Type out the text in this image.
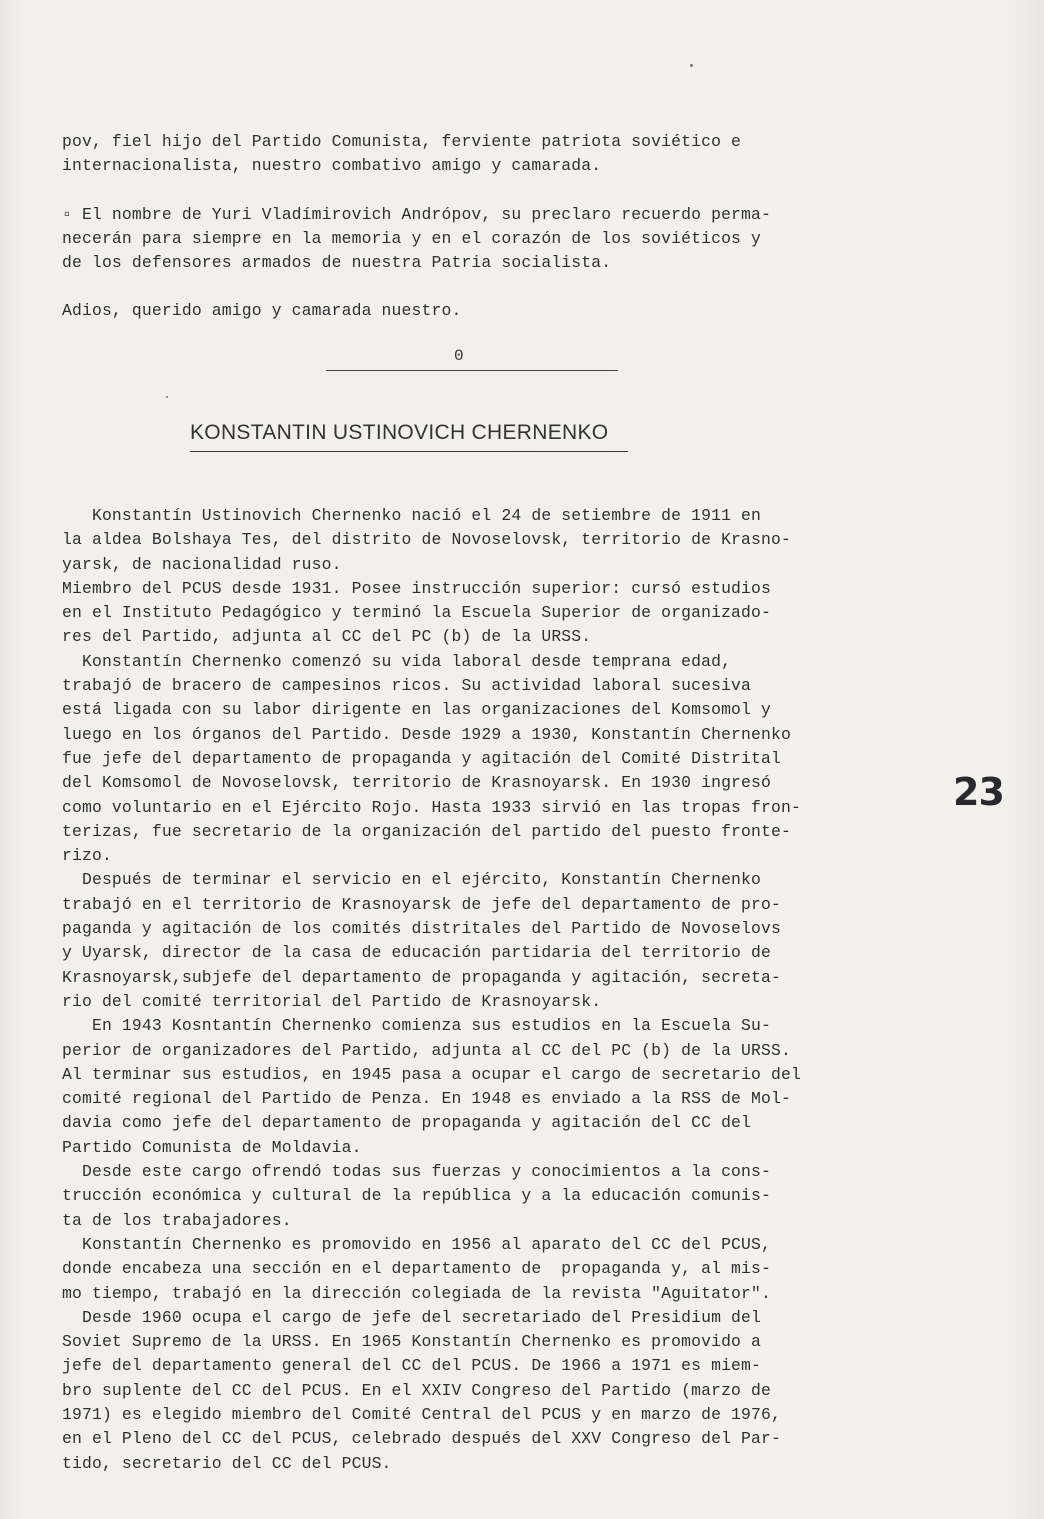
pov, fiel hijo del Partido Comunista, ferviente patriota soviético e
internacionalista, nuestro combativo amigo y camarada.
▫ El nombre de Yuri Vladímirovich Andrópov, su preclaro recuerdo perma-
necerán para siempre en la memoria y en el corazón de los soviéticos y
de los defensores armados de nuestra Patria socialista.
Adios, querido amigo y camarada nuestro.
0
KONSTANTIN USTINOVICH CHERNENKO
Konstantín Ustinovich Chernenko nació el 24 de setiembre de 1911 en
la aldea Bolshaya Tes, del distrito de Novoselovsk, territorio de Krasno-
yarsk, de nacionalidad ruso.
Miembro del PCUS desde 1931. Posee instrucción superior: cursó estudios
en el Instituto Pedagógico y terminó la Escuela Superior de organizado-
res del Partido, adjunta al CC del PC (b) de la URSS.
Konstantín Chernenko comenzó su vida laboral desde temprana edad,
trabajó de bracero de campesinos ricos. Su actividad laboral sucesiva
está ligada con su labor dirigente en las organizaciones del Komsomol y
luego en los órganos del Partido. Desde 1929 a 1930, Konstantín Chernenko
fue jefe del departamento de propaganda y agitación del Comité Distrital
del Komsomol de Novoselovsk, territorio de Krasnoyarsk. En 1930 ingresó
como voluntario en el Ejército Rojo. Hasta 1933 sirvió en las tropas fron-
terizas, fue secretario de la organización del partido del puesto fronte-
rizo.
Después de terminar el servicio en el ejército, Konstantín Chernenko
trabajó en el territorio de Krasnoyarsk de jefe del departamento de pro-
paganda y agitación de los comités distritales del Partido de Novoselovs
y Uyarsk, director de la casa de educación partidaria del territorio de
Krasnoyarsk,subjefe del departamento de propaganda y agitación, secreta-
rio del comité territorial del Partido de Krasnoyarsk.
En 1943 Kosntantín Chernenko comienza sus estudios en la Escuela Su-
perior de organizadores del Partido, adjunta al CC del PC (b) de la URSS.
Al terminar sus estudios, en 1945 pasa a ocupar el cargo de secretario del
comité regional del Partido de Penza. En 1948 es enviado a la RSS de Mol-
davia como jefe del departamento de propaganda y agitación del CC del
Partido Comunista de Moldavia.
Desde este cargo ofrendó todas sus fuerzas y conocimientos a la cons-
trucción económica y cultural de la república y a la educación comunis-
ta de los trabajadores.
Konstantín Chernenko es promovido en 1956 al aparato del CC del PCUS,
donde encabeza una sección en el departamento de  propaganda y, al mis-
mo tiempo, trabajó en la dirección colegiada de la revista "Aguitator".
Desde 1960 ocupa el cargo de jefe del secretariado del Presidium del
Soviet Supremo de la URSS. En 1965 Konstantín Chernenko es promovido a
jefe del departamento general del CC del PCUS. De 1966 a 1971 es miem-
bro suplente del CC del PCUS. En el XXIV Congreso del Partido (marzo de
1971) es elegido miembro del Comité Central del PCUS y en marzo de 1976,
en el Pleno del CC del PCUS, celebrado después del XXV Congreso del Par-
tido, secretario del CC del PCUS.
23
